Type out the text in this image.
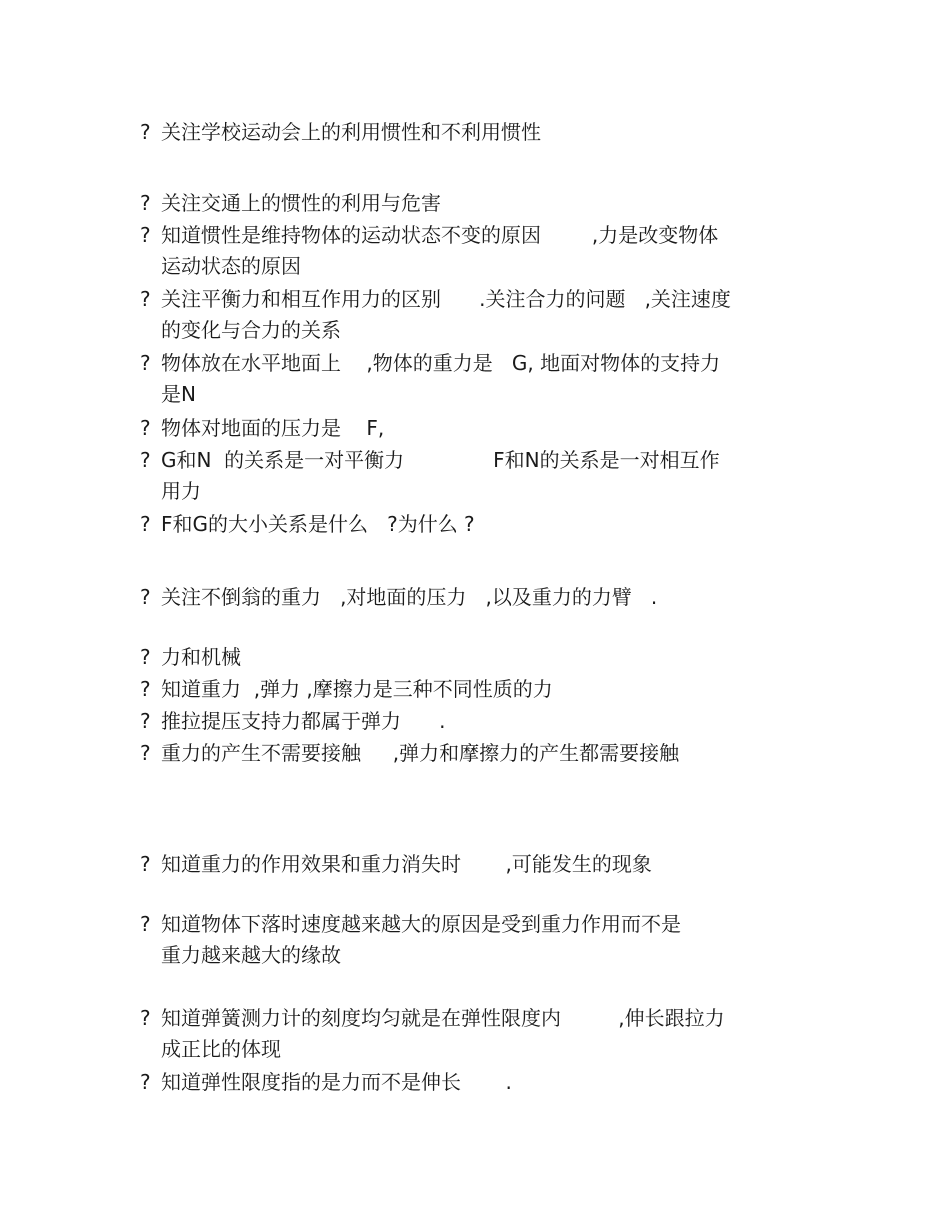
? 关注学校运动会上的利用惯性和不利用惯性
? 关注交通上的惯性的利用与危害
? 知道惯性是维持物体的运动状态不变的原因        ,力是改变物体
运动状态的原因
? 关注平衡力和相互作用力的区别      .关注合力的问题   ,关注速度
的变化与合力的关系
? 物体放在水平地面上    ,物体的重力是   G, 地面对物体的支持力
是N
? 物体对地面的压力是    F,
? G和N  的关系是一对平衡力              F和N的关系是一对相互作
用力
? F和G的大小关系是什么   ?为什么 ?
? 关注不倒翁的重力   ,对地面的压力   ,以及重力的力臂   .
? 力和机械
? 知道重力  ,弹力 ,摩擦力是三种不同性质的力
? 推拉提压支持力都属于弹力      .
? 重力的产生不需要接触     ,弹力和摩擦力的产生都需要接触
? 知道重力的作用效果和重力消失时       ,可能发生的现象
? 知道物体下落时速度越来越大的原因是受到重力作用而不是
重力越来越大的缘故
? 知道弹簧测力计的刻度均匀就是在弹性限度内         ,伸长跟拉力
成正比的体现
? 知道弹性限度指的是力而不是伸长       .
